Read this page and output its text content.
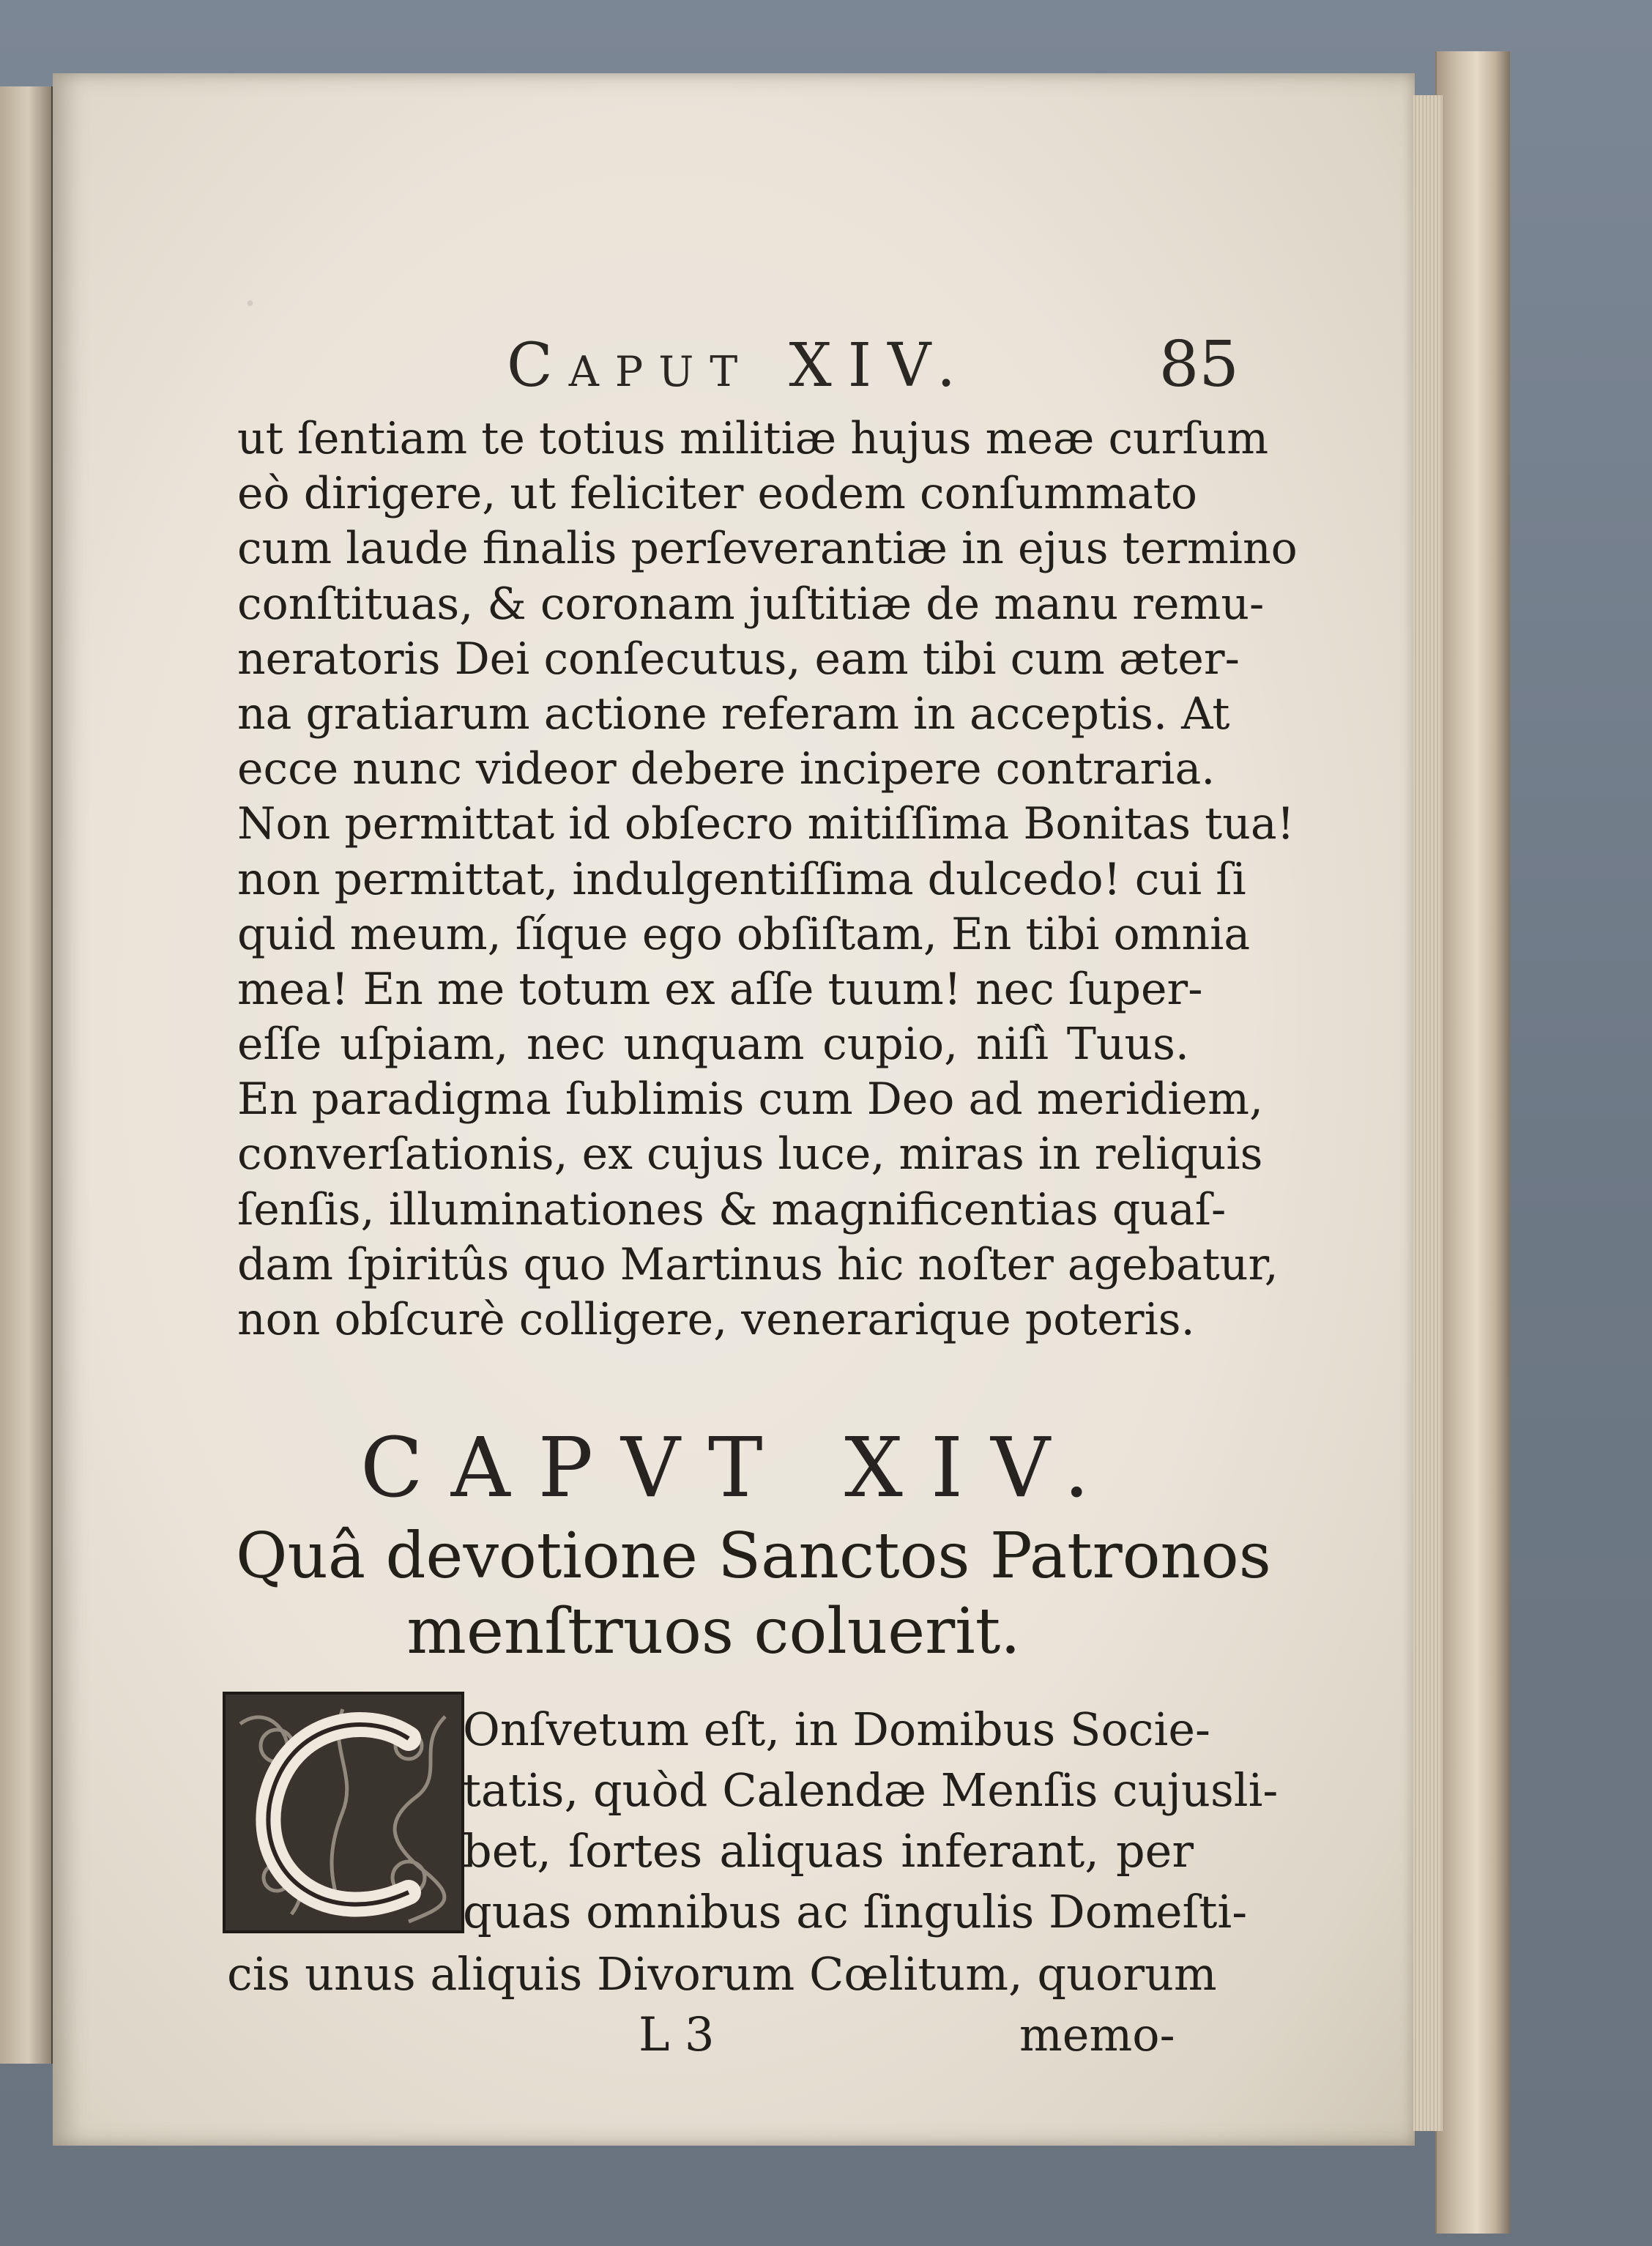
.
Caput XIV.	85
ut ſentiam te totius militiæ hujus meæ curſum
eò dirigere, ut feliciter eodem conſummato
cum laude finalis perſeverantiæ in ejus termino
conſtituas, & coronam juſtitiæ de manu remu-
neratoris Dei conſecutus, eam tibi cum æter-
na gratiarum actione referam in acceptis. At
ecce nunc videor debere incipere contraria.
Non permittat id obſecro mitiſſima Bonitas tua!
non permittat, indulgentiſſima dulcedo! cui ſi
quid meum, ſíque ego obſiſtam, En tibi omnia
mea! En me totum ex aſſe tuum! nec ſuper-
eſſe uſpiam, nec unquam cupio, niſì Tuus.
En paradigma ſublimis cum Deo ad meridiem,
converſationis, ex cujus luce, miras in reliquis
ſenſis, illuminationes & magnificentias quaſ-
dam ſpiritûs quo Martinus hic noſter agebatur,
non obſcurè colligere, venerarique poteris.
CAPVT XIV.
Quâ devotione Sanctos Patronos
menſtruos coluerit.
Onſvetum eſt, in Domibus Socie-
tatis, quòd Calendæ Menſis cujusli-
bet, ſortes aliquas inferant, per
quas omnibus ac ſingulis Domeſti-
cis unus aliquis Divorum Cœlitum, quorum
L 3	memo-
